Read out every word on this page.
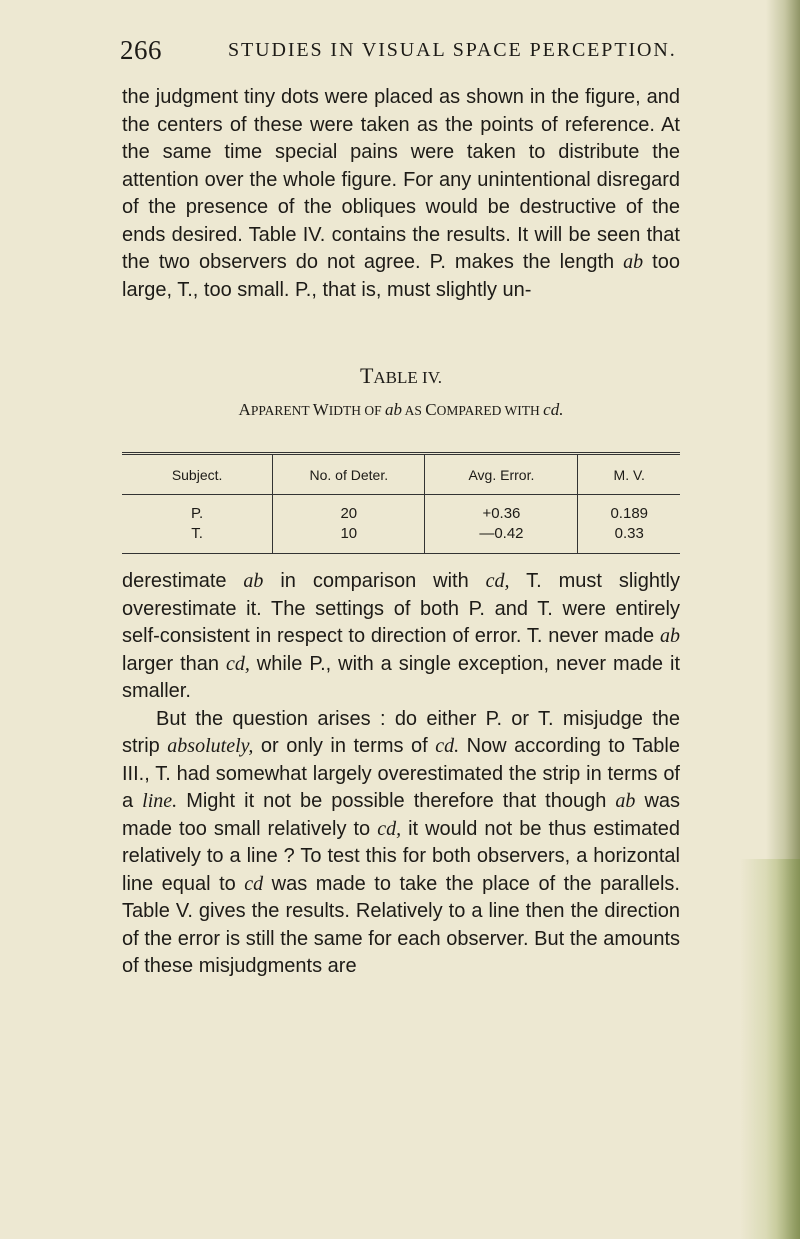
266	STUDIES IN VISUAL SPACE PERCEPTION.

the judgment tiny dots were placed as shown in the figure, and the centers of these were taken as the points of reference. At the same time special pains were taken to distribute the attention over the whole figure. For any unintentional disregard of the presence of the obliques would be destructive of the ends desired. Table IV. contains the results. It will be seen that the two observers do not agree. P. makes the length ab too large, T., too small. P., that is, must slightly un-

TABLE IV.

APPARENT WIDTH OF ab AS COMPARED WITH cd.

Subject.	No. of Deter.	Avg. Error.	M. V.
P.	20	+0.36	0.189
T.	10	—0.42	0.33

derestimate ab in comparison with cd, T. must slightly overestimate it. The settings of both P. and T. were entirely self-consistent in respect to direction of error. T. never made ab larger than cd, while P., with a single exception, never made it smaller.

But the question arises : do either P. or T. misjudge the strip absolutely, or only in terms of cd. Now according to Table III., T. had somewhat largely overestimated the strip in terms of a line. Might it not be possible therefore that though ab was made too small relatively to cd, it would not be thus estimated relatively to a line ? To test this for both observers, a horizontal line equal to cd was made to take the place of the parallels. Table V. gives the results. Relatively to a line then the direction of the error is still the same for each observer. But the amounts of these misjudgments are
